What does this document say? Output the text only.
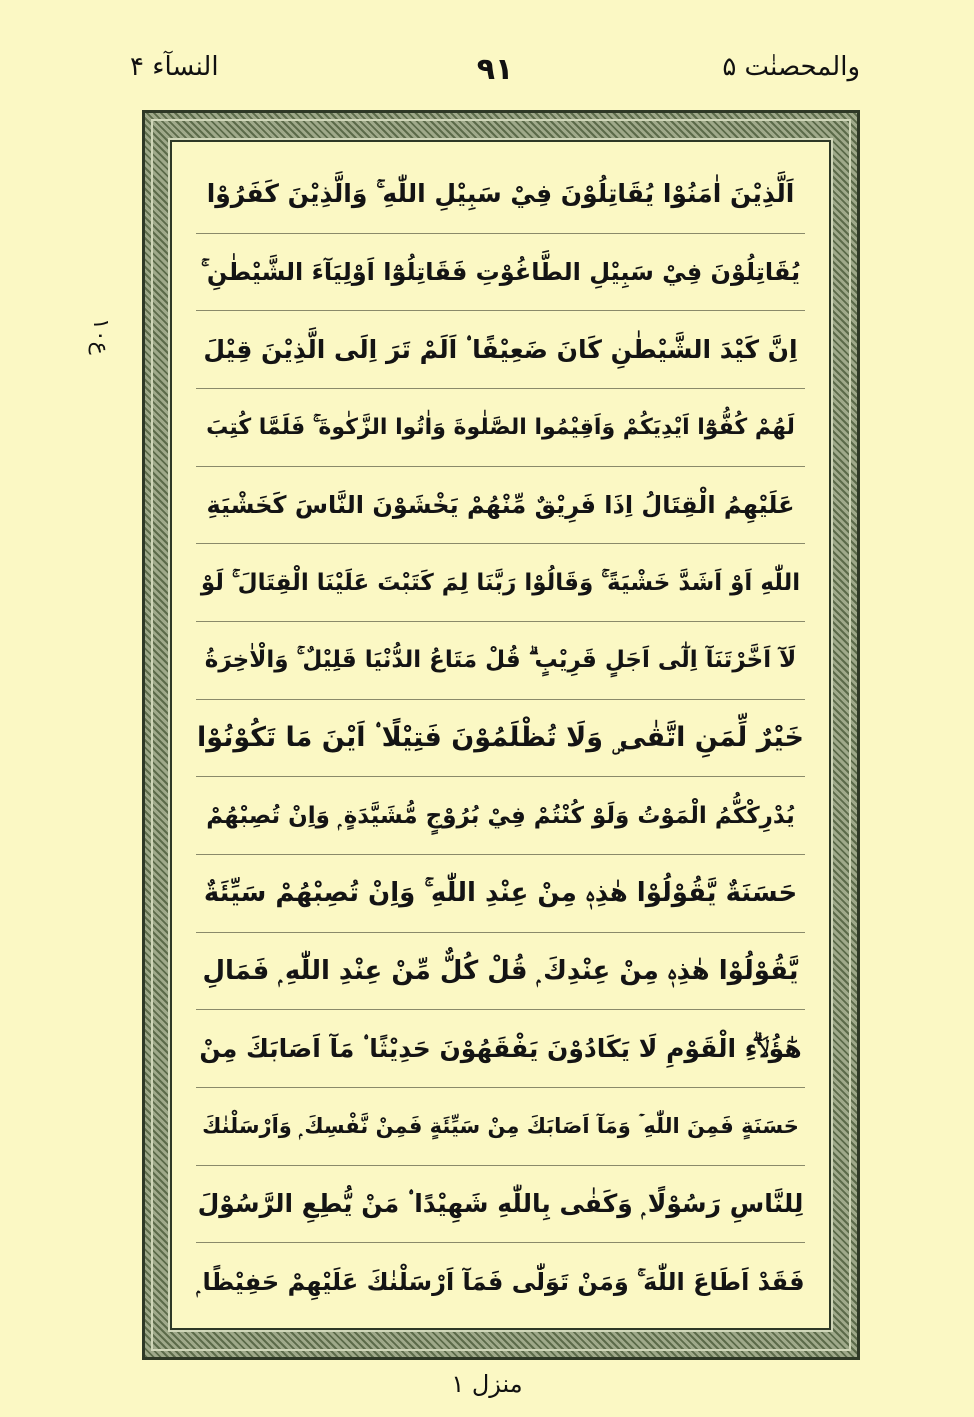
والمحصنٰت ۵
۹۱
النسآء ۴
ع۱۰
اَلَّذِيْنَ اٰمَنُوْا يُقَاتِلُوْنَ فِيْ سَبِيْلِ اللّٰهِ ۚ وَالَّذِيْنَ كَفَرُوْا
يُقَاتِلُوْنَ فِيْ سَبِيْلِ الطَّاغُوْتِ فَقَاتِلُوْٓا اَوْلِيَآءَ الشَّيْطٰنِ ۚ
اِنَّ كَيْدَ الشَّيْطٰنِ كَانَ ضَعِيْفًا ۟ اَلَمْ تَرَ اِلَى الَّذِيْنَ قِيْلَ
لَهُمْ كُفُّوْٓا اَيْدِيَكُمْ وَاَقِيْمُوا الصَّلٰوةَ وَاٰتُوا الزَّكٰوةَ ۚ فَلَمَّا كُتِبَ
عَلَيْهِمُ الْقِتَالُ اِذَا فَرِيْقٌ مِّنْهُمْ يَخْشَوْنَ النَّاسَ كَخَشْيَةِ
اللّٰهِ اَوْ اَشَدَّ خَشْيَةً ۚ وَقَالُوْا رَبَّنَا لِمَ كَتَبْتَ عَلَيْنَا الْقِتَالَ ۚ لَوْ
لَآ اَخَّرْتَنَآ اِلٰٓى اَجَلٍ قَرِيْبٍ ۗ قُلْ مَتَاعُ الدُّنْيَا قَلِيْلٌ ۚ وَالْاٰخِرَةُ
خَيْرٌ لِّمَنِ اتَّقٰى ۣ وَلَا تُظْلَمُوْنَ فَتِيْلًا ۟ اَيْنَ مَا تَكُوْنُوْا
يُدْرِكْكُّمُ الْمَوْتُ وَلَوْ كُنْتُمْ فِيْ بُرُوْجٍ مُّشَيَّدَةٍ ۭ وَاِنْ تُصِبْهُمْ
حَسَنَةٌ يَّقُوْلُوْا هٰذِهٖ مِنْ عِنْدِ اللّٰهِ ۚ وَاِنْ تُصِبْهُمْ سَيِّئَةٌ
يَّقُوْلُوْا هٰذِهٖ مِنْ عِنْدِكَ ۭ قُلْ كُلٌّ مِّنْ عِنْدِ اللّٰهِ ۭ فَمَالِ
هٰٓؤُلَاۗءِ الْقَوْمِ لَا يَكَادُوْنَ يَفْقَهُوْنَ حَدِيْثًا ۟ مَآ اَصَابَكَ مِنْ
حَسَنَةٍ فَمِنَ اللّٰهِ ۡ وَمَآ اَصَابَكَ مِنْ سَيِّئَةٍ فَمِنْ نَّفْسِكَ ۭ وَاَرْسَلْنٰكَ
لِلنَّاسِ رَسُوْلًا ۭ وَكَفٰى بِاللّٰهِ شَهِيْدًا ۟ مَنْ يُّطِعِ الرَّسُوْلَ
فَقَدْ اَطَاعَ اللّٰهَ ۚ وَمَنْ تَوَلّٰى فَمَآ اَرْسَلْنٰكَ عَلَيْهِمْ حَفِيْظًا ۭ
منزل ۱
